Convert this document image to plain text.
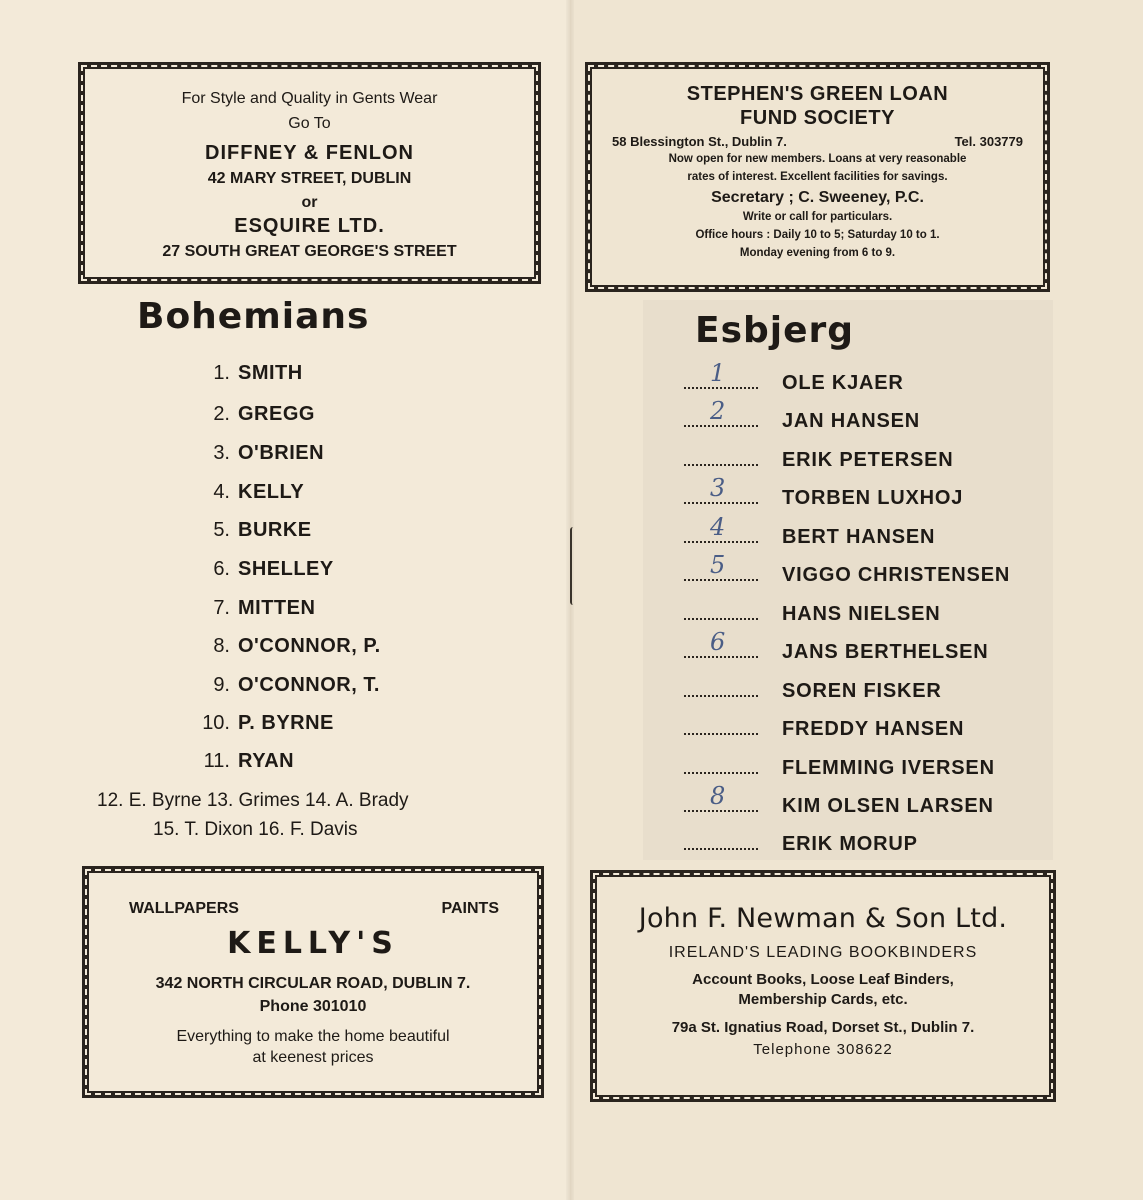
For Style and Quality in Gents Wear
Go To
DIFFNEY & FENLON
42 MARY STREET, DUBLIN
or
ESQUIRE LTD.
27 SOUTH GREAT GEORGE'S STREET
STEPHEN'S GREEN LOAN
FUND SOCIETY
58 Blessington St., Dublin 7.	Tel. 303779
Now open for new members. Loans at very reasonable
rates of interest. Excellent facilities for savings.
Secretary ; C. Sweeney, P.C.
Write or call for particulars.
Office hours : Daily 10 to 5; Saturday 10 to 1.
Monday evening from 6 to 9.
Bohemians	Esbjerg
1. SMITH
2. GREGG
3. O'BRIEN
4. KELLY
5. BURKE
6. SHELLEY
7. MITTEN
8. O'CONNOR, P.
9. O'CONNOR, T.
10. P. BYRNE
11. RYAN
12. E. Byrne 13. Grimes 14. A. Brady
15. T. Dixon 16. F. Davis
1	OLE KJAER
2	JAN HANSEN
ERIK PETERSEN
3	TORBEN LUXHOJ
4	BERT HANSEN
5	VIGGO CHRISTENSEN
HANS NIELSEN
6	JANS BERTHELSEN
SOREN FISKER
FREDDY HANSEN
FLEMMING IVERSEN
8	KIM OLSEN LARSEN
ERIK MORUP
WALLPAPERS	PAINTS
KELLY'S
342 NORTH CIRCULAR ROAD, DUBLIN 7.
Phone 301010
Everything to make the home beautiful
at keenest prices
John F. Newman & Son Ltd.
IRELAND'S LEADING BOOKBINDERS
Account Books, Loose Leaf Binders,
Membership Cards, etc.
79a St. Ignatius Road, Dorset St., Dublin 7.
Telephone 308622
